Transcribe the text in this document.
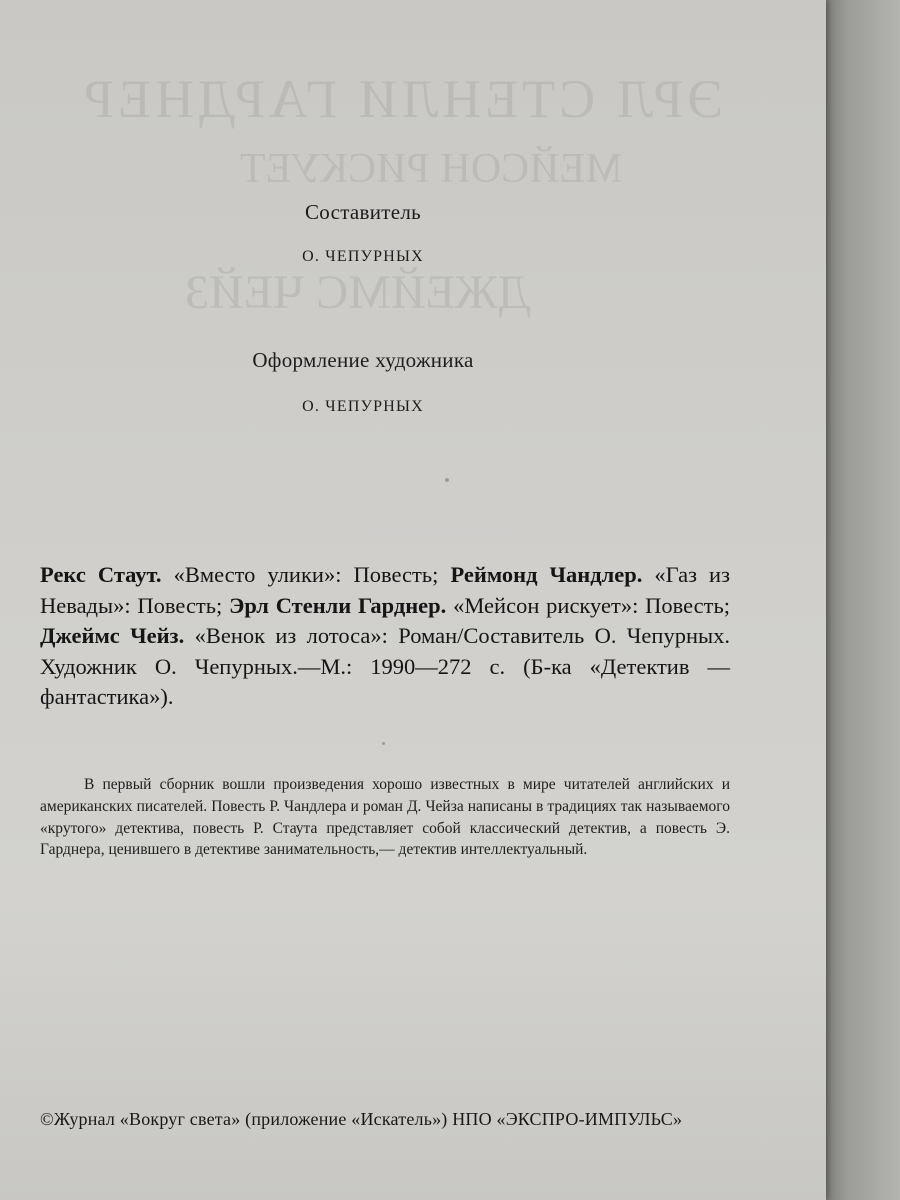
ЭРЛ СТЕНЛИ ГАРДНЕР
МЕЙСОН РИСКУЕТ
ДЖЕЙМС ЧЕЙЗ
Составитель
О. ЧЕПУРНЫХ
Оформление художника
О. ЧЕПУРНЫХ
Рекс Стаут. «Вместо улики»: Повесть; Реймонд Чандлер. «Газ из Невады»: Повесть; Эрл Стенли Гарднер. «Мейсон рискует»: Повесть; Джеймс Чейз. «Венок из лотоса»: Роман/Составитель О. Чепурных. Художник О. Чепурных.—М.: 1990—272 с. (Б-ка «Детектив — фантастика»).
В первый сборник вошли произведения хорошо известных в мире читателей английских и американских писателей. Повесть Р. Чандлера и роман Д. Чейза написаны в традициях так называемого «крутого» детектива, повесть Р. Стаута представляет собой классический детектив, а повесть Э. Гарднера, ценившего в детективе занимательность,— детектив интеллектуальный.
©Журнал «Вокруг света» (приложение «Искатель») НПО «ЭКСПРО-ИМПУЛЬС»
